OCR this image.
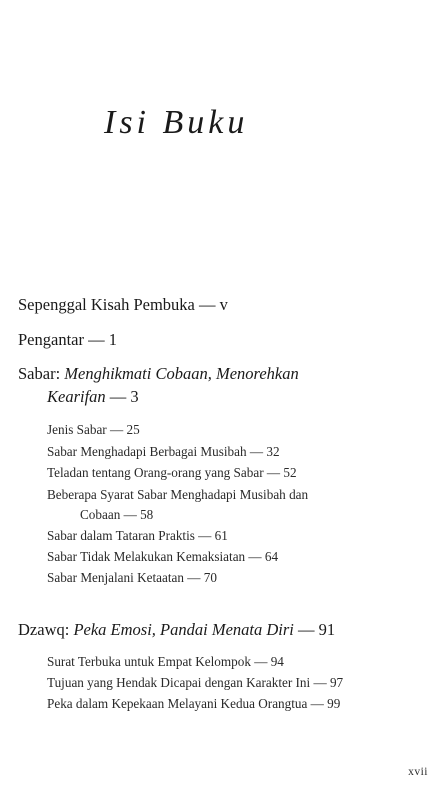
Isi Buku
Sepenggal Kisah Pembuka — v
Pengantar — 1
Sabar: Menghikmati Cobaan, Menorehkan
Kearifan — 3
Jenis Sabar — 25
Sabar Menghadapi Berbagai Musibah — 32
Teladan tentang Orang-orang yang Sabar — 52
Beberapa Syarat Sabar Menghadapi Musibah dan
Cobaan — 58
Sabar dalam Tataran Praktis — 61
Sabar Tidak Melakukan Kemaksiatan — 64
Sabar Menjalani Ketaatan — 70
Dzawq: Peka Emosi, Pandai Menata Diri — 91
Surat Terbuka untuk Empat Kelompok — 94
Tujuan yang Hendak Dicapai dengan Karakter Ini — 97
Peka dalam Kepekaan Melayani Kedua Orangtua — 99
xvii
